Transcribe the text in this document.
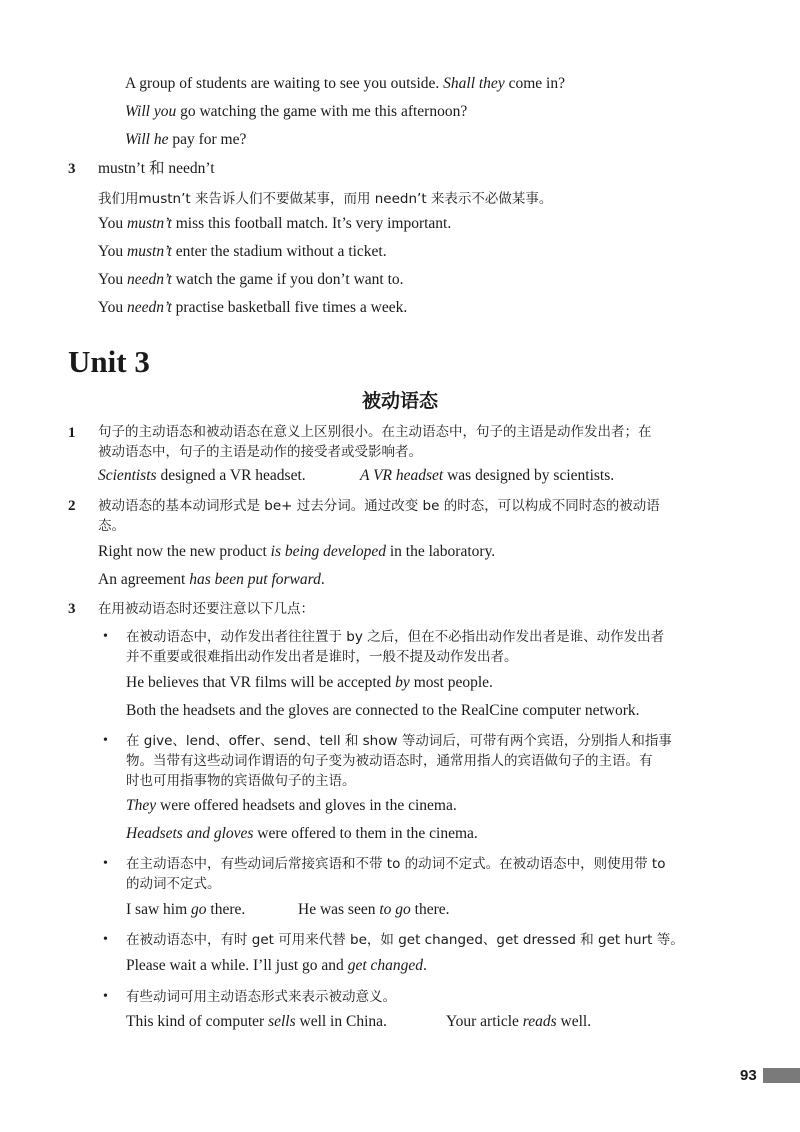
A group of students are waiting to see you outside. Shall they come in?
Will you go watching the game with me this afternoon?
Will he pay for me?
3 mustn’t 和 needn’t
我们用mustn’t 来告诉人们不要做某事，而用 needn’t 来表示不必做某事。
You mustn’t miss this football match. It’s very important.
You mustn’t enter the stadium without a ticket.
You needn’t watch the game if you don’t want to.
You needn’t practise basketball five times a week.
Unit 3
被动语态
1 句子的主动语态和被动语态在意义上区别很小。在主动语态中，句子的主语是动作发出者；在
被动语态中，句子的主语是动作的接受者或受影响者。
Scientists designed a VR headset.	A VR headset was designed by scientists.
2 被动语态的基本动词形式是 be+ 过去分词。通过改变 be 的时态，可以构成不同时态的被动语
态。
Right now the new product is being developed in the laboratory.
An agreement has been put forward.
3 在用被动语态时还要注意以下几点：
• 在被动语态中，动作发出者往往置于 by 之后，但在不必指出动作发出者是谁、动作发出者
并不重要或很难指出动作发出者是谁时，一般不提及动作发出者。
He believes that VR films will be accepted by most people.
Both the headsets and the gloves are connected to the RealCine computer network.
• 在 give、lend、offer、send、tell 和 show 等动词后，可带有两个宾语，分别指人和指事
物。当带有这些动词作谓语的句子变为被动语态时，通常用指人的宾语做句子的主语。有
时也可用指事物的宾语做句子的主语。
They were offered headsets and gloves in the cinema.
Headsets and gloves were offered to them in the cinema.
• 在主动语态中，有些动词后常接宾语和不带 to 的动词不定式。在被动语态中，则使用带 to
的动词不定式。
I saw him go there.	He was seen to go there.
• 在被动语态中，有时 get 可用来代替 be，如 get changed、get dressed 和 get hurt 等。
Please wait a while. I’ll just go and get changed.
• 有些动词可用主动语态形式来表示被动意义。
This kind of computer sells well in China.	Your article reads well.
93
